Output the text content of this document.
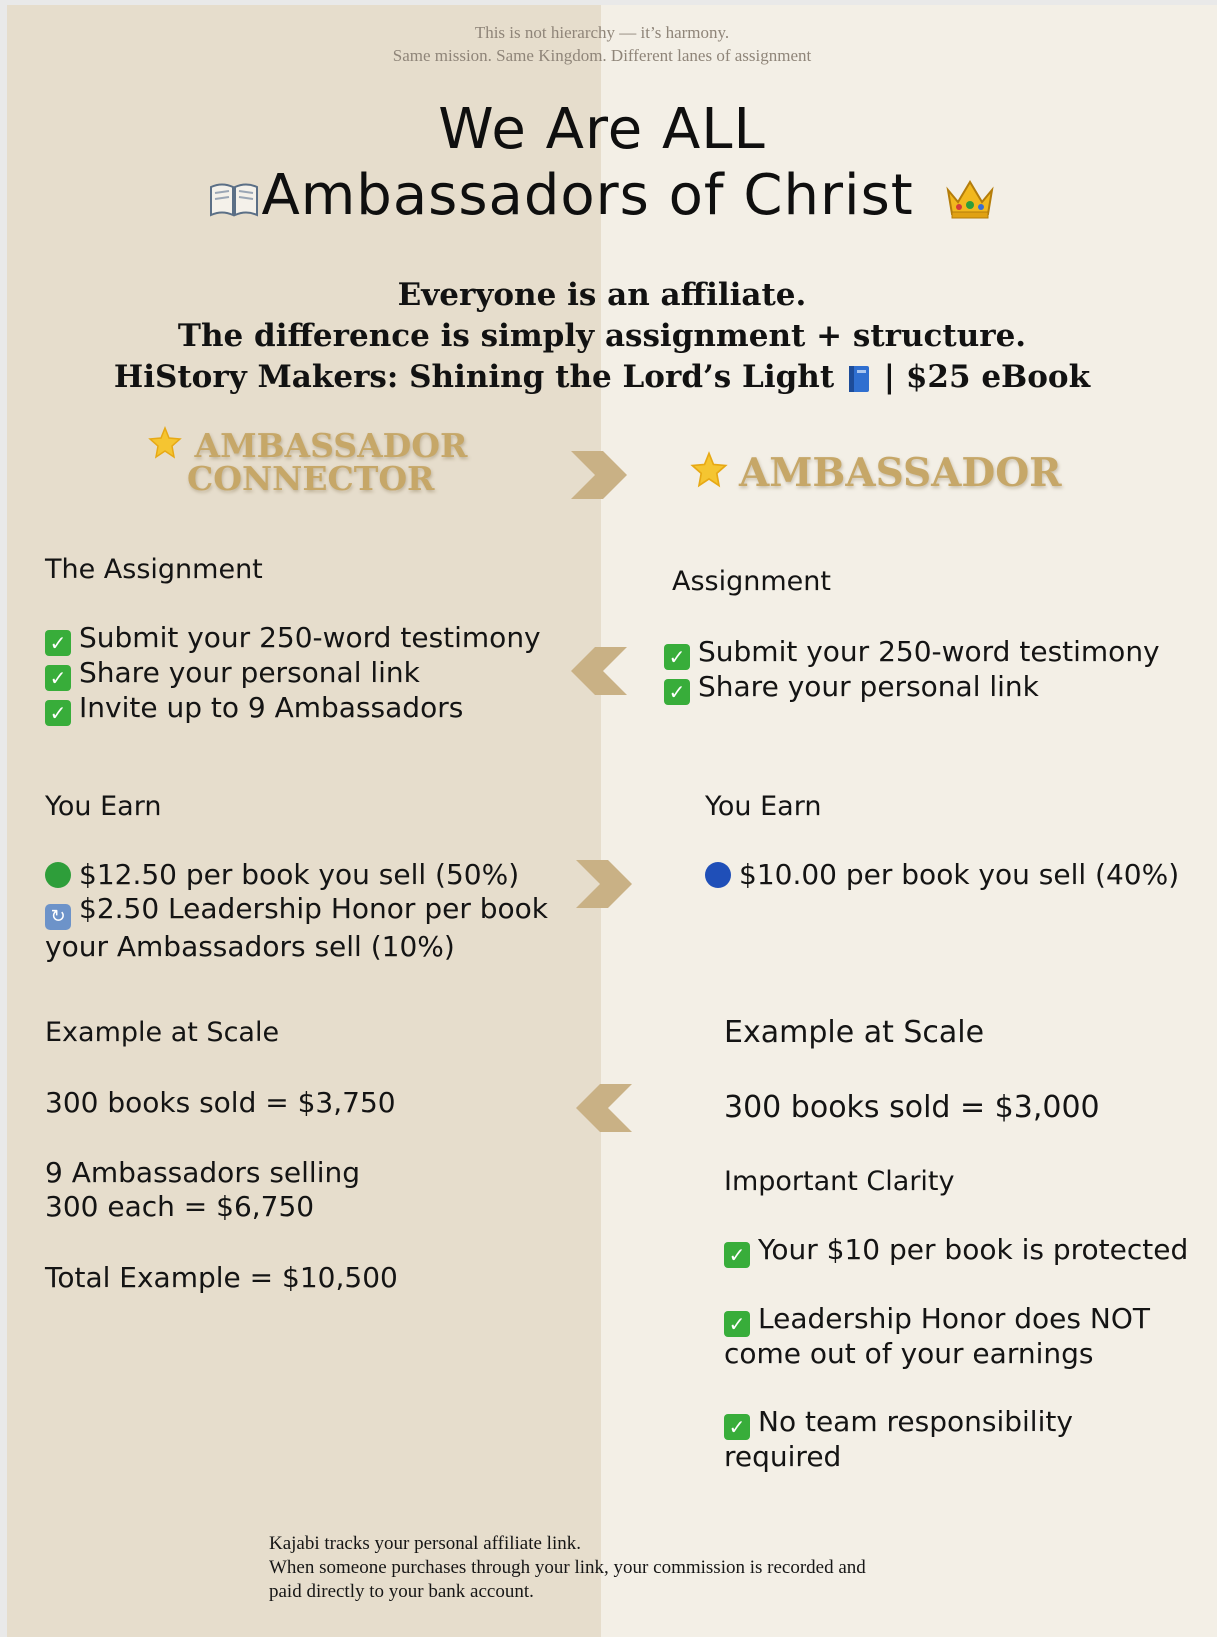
This is not hierarchy — it’s harmony.
Same mission. Same Kingdom. Different lanes of assignment
We Are ALL
Ambassadors of Christ
Everyone is an affiliate.
The difference is simply assignment + structure.
HiStory Makers: Shining the Lord’s Light | $25 eBook
AMBASSADOR
CONNECTOR	AMBASSADOR
The Assignment
✓ Submit your 250-word testimony
✓ Share your personal link
✓ Invite up to 9 Ambassadors
You Earn
$12.50 per book you sell (50%)
↻ $2.50 Leadership Honor per book
your Ambassadors sell (10%)
Example at Scale
300 books sold = $3,750
9 Ambassadors selling
300 each = $6,750
Total Example = $10,500
Assignment
✓ Submit your 250-word testimony
✓ Share your personal link
You Earn
$10.00 per book you sell (40%)
Example at Scale
300 books sold = $3,000
Important Clarity
✓ Your $10 per book is protected
✓ Leadership Honor does NOT
come out of your earnings
✓ No team responsibility
required
Kajabi tracks your personal affiliate link.
When someone purchases through your link, your commission is recorded and
paid directly to your bank account.
